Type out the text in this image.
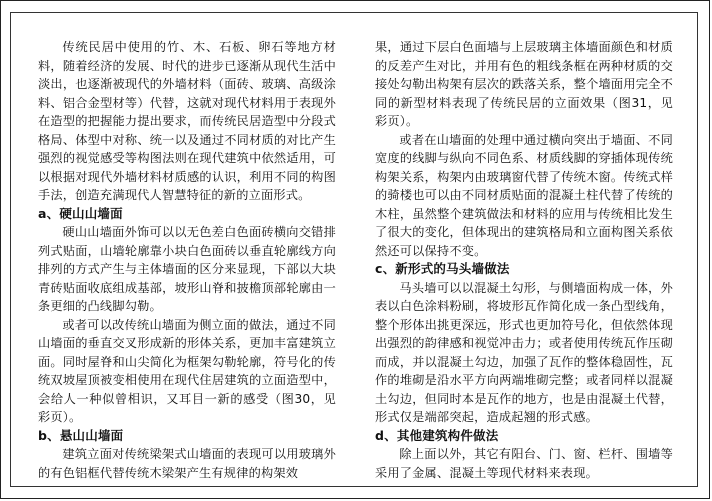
传统民居中使用的竹、木、石板、卵石等地方材料，随着经济的发展、时代的进步已逐渐从现代生活中淡出，也逐渐被现代的外墙材料（面砖、玻璃、高级涂料、铝合金型材等）代替，这就对现代材料用于表现外在造型的把握能力提出要求，而传统民居造型中分段式格局、体型中对称、统一以及通过不同材质的对比产生强烈的视觉感受等构图法则在现代建筑中依然适用，可以根据对现代外墙材料材质感的认识，利用不同的构图手法，创造充满现代人智慧特征的新的立面形式。

a、硬山山墙面

硬山山墙面外饰可以以无色差白色面砖横向交错排列式贴面，山墙轮廓靠小块白色面砖以垂直轮廓线方向排列的方式产生与主体墙面的区分来显现，下部以大块青砖贴面收底组成基部，坡形山脊和披檐顶部轮廓由一条更细的凸线脚勾勒。

或者可以改传统山墙面为侧立面的做法，通过不同山墙面的垂直交叉形成新的形体关系，更加丰富建筑立面。同时屋脊和山尖简化为框架勾勒轮廓，符号化的传统双坡屋顶被变相使用在现代住居建筑的立面造型中，会给人一种似曾相识，又耳目一新的感受（图30，见彩页）。

b、悬山山墙面

建筑立面对传统梁架式山墙面的表现可以用玻璃外的有色铝框代替传统木梁架产生有规律的构架效

果，通过下层白色面墙与上层玻璃主体墙面颜色和材质的反差产生对比，并用有色的粗线条框在两种材质的交接处勾勒出构架有层次的跌落关系，整个墙面用完全不同的新型材料表现了传统民居的立面效果（图31，见彩页）。

或者在山墙面的处理中通过横向突出于墙面、不同宽度的线脚与纵向不同色系、材质线脚的穿插体现传统构架关系，构架内由玻璃窗代替了传统木窗。传统式样的骑楼也可以由不同材质贴面的混凝土柱代替了传统的木柱，虽然整个建筑做法和材料的应用与传统相比发生了很大的变化，但体现出的建筑格局和立面构图关系依然还可以保持不变。

c、新形式的马头墙做法

马头墙可以以混凝土勾形，与侧墙面构成一体，外表以白色涂料粉刷，将坡形瓦作简化成一条凸型线角，整个形体出挑更深远，形式也更加符号化，但依然体现出强烈的韵律感和视觉冲击力；或者使用传统瓦作压砌而成，并以混凝土勾边，加强了瓦作的整体稳固性，瓦作的堆砌是沿水平方向两端堆砌完整；或者同样以混凝土勾边，但同时本是瓦作的地方，也是由混凝土代替，形式仅是端部突起，造成起翘的形式感。

d、其他建筑构件做法

除上面以外，其它有阳台、门、窗、栏杆、围墙等采用了金属、混凝土等现代材料来表现。
